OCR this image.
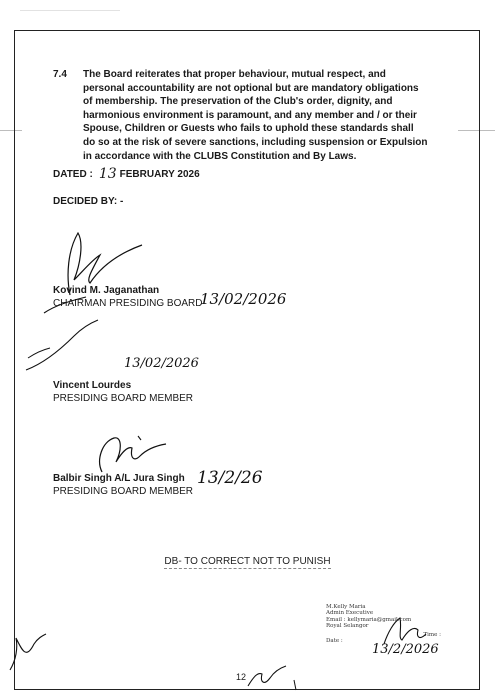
7.4 The Board reiterates that proper behaviour, mutual respect, and personal accountability are not optional but are mandatory obligations of membership. The preservation of the Club's order, dignity, and harmonious environment is paramount, and any member and / or their Spouse, Children or Guests who fails to uphold these standards shall do so at the risk of severe sanctions, including suspension or Expulsion in accordance with the CLUBS Constitution and By Laws.

DATED : 13 FEBRUARY 2026
DECIDED BY: -
Kovind M. Jaganathan
CHAIRMAN PRESIDING BOARD
13/02/2026
13/02/2026
Vincent Lourdes
PRESIDING BOARD MEMBER
Balbir Singh A/L Jura Singh
PRESIDING BOARD MEMBER
13/2/26
DB- TO CORRECT NOT TO PUNISH
M.Kelly Maria
Admin Executive
Email : kellymaria@gmail.com
Royal Selangor
Time :
Date :
13/2/2026
12
